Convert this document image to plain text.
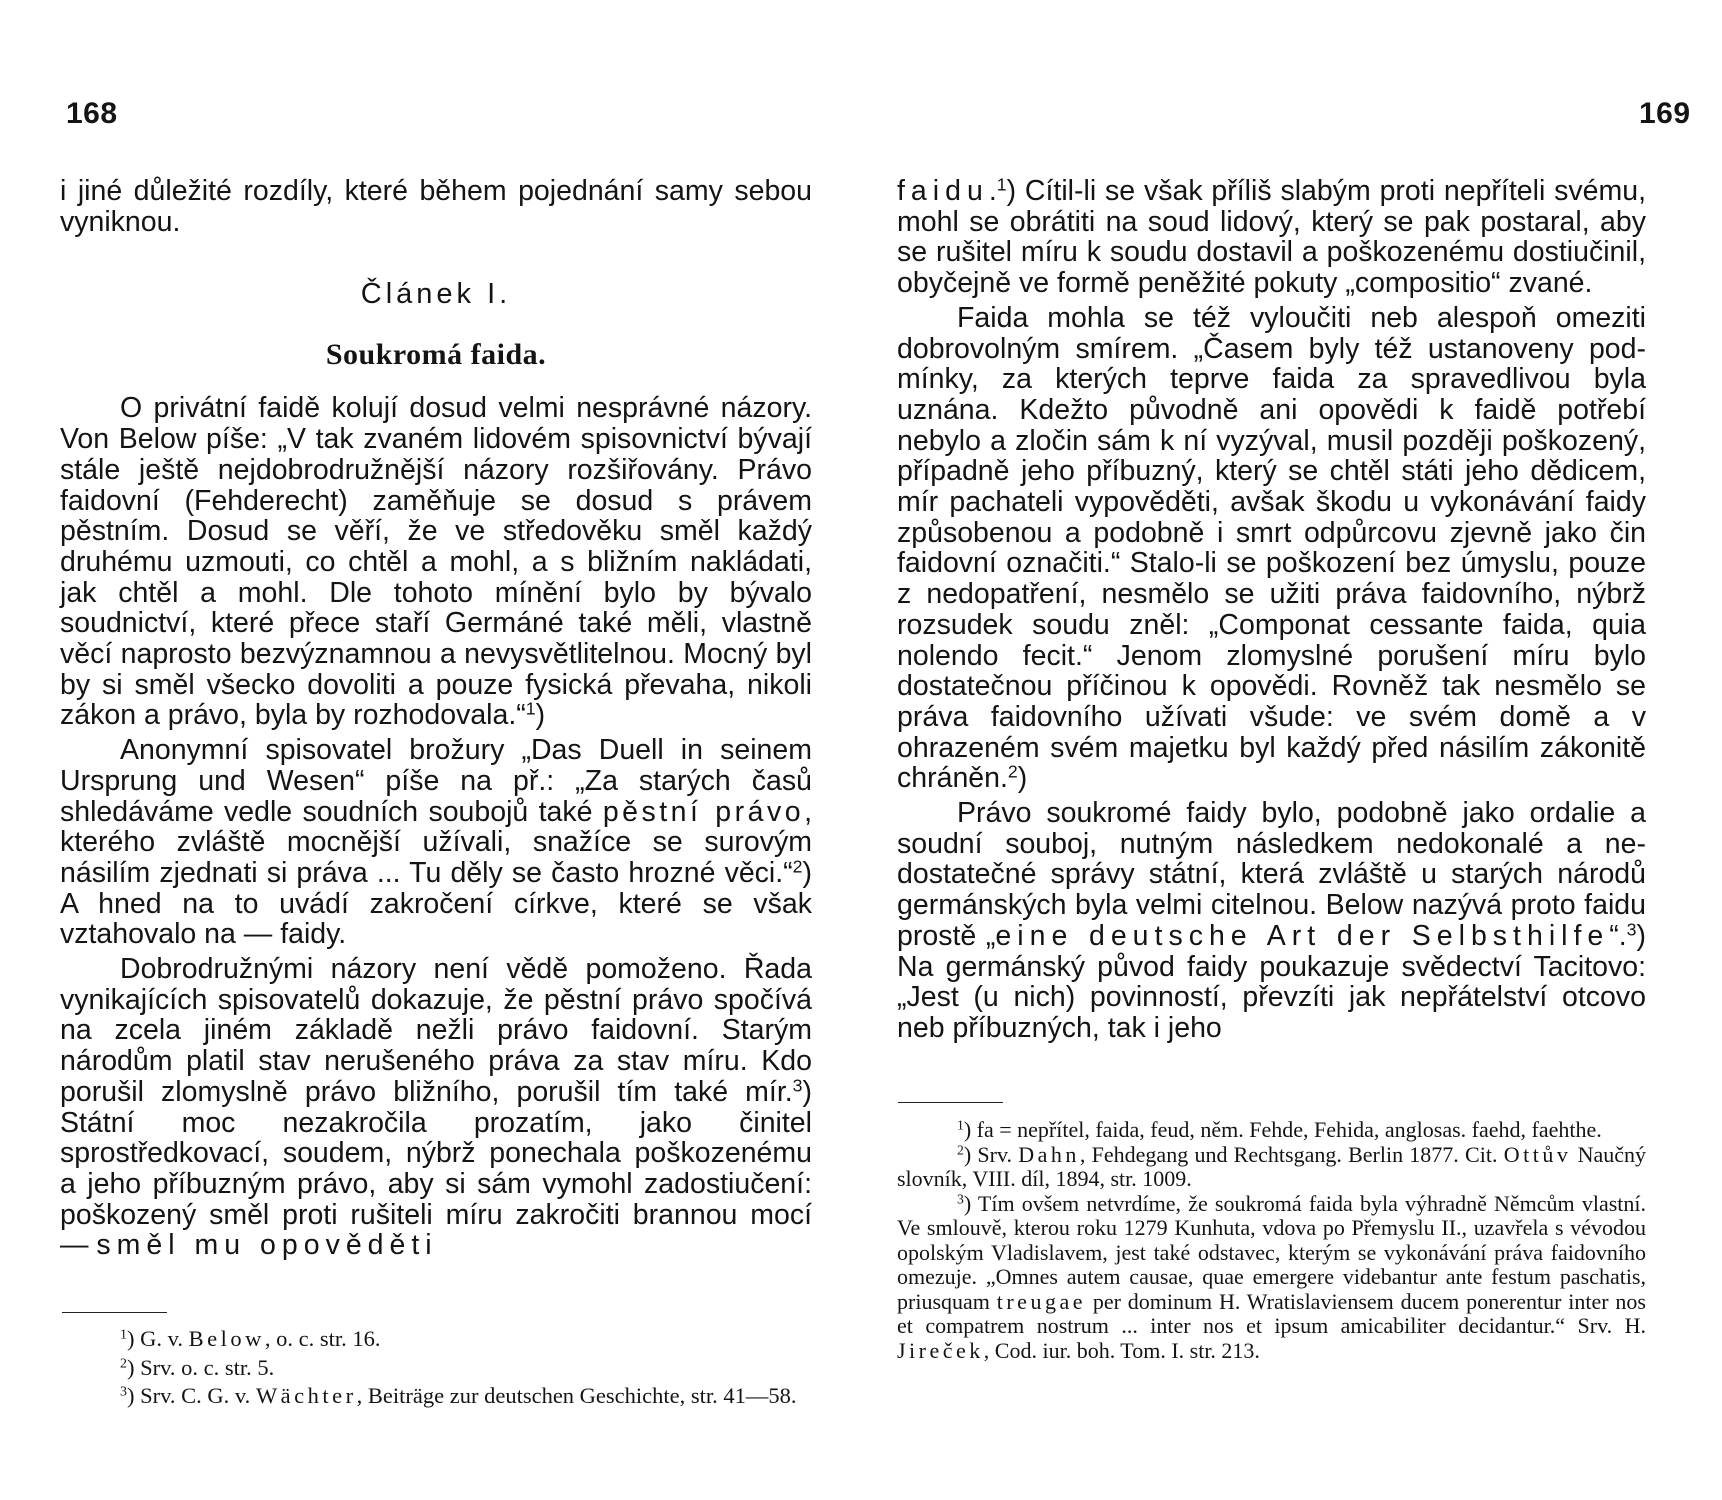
168

i jiné důležité rozdíly, které během pojednání samy sebou vyniknou.

Článek I.
Soukromá faida.

O privátní faidě kolují dosud velmi nesprávné názory. Von Below píše: „V tak zvaném lidovém spisovnictví bývají stále ještě nejdobrodružnější názory rozšiřovány. Právo faidovní (Fehderecht) zaměňuje se dosud s právem pěstním. Dosud se věří, že ve středověku směl každý druhému uzmouti, co chtěl a mohl, a s bližním nakládati, jak chtěl a mohl. Dle tohoto mínění bylo by bývalo soudnictví, které přece staří Germáné také měli, vlastně věcí naprosto bezvýznamnou a nevysvětlitelnou. Mocný byl by si směl všecko dovoliti a pouze fysická převaha, nikoli zákon a právo, byla by rozhodovala.“$^1$)

Anonymní spisovatel brožury „Das Duell in seinem Ursprung und Wesen“ píše na př.: „Za starých časů shledáváme vedle soudních soubojů také pěstní právo, kterého zvláště mocnější užívali, snažíce se surovým násilím zjednati si práva ... Tu děly se často hrozné věci.“$^2$) A hned na to uvádí zakročení církve, které se však vztahovalo na — faidy.

Dobrodružnými názory není vědě pomoženo. Řada vynikajících spisovatelů dokazuje, že pěstní právo spočívá na zcela jiném základě nežli právo faidovní. Starým národům platil stav nerušeného práva za stav míru. Kdo porušil zlomyslně právo bližního, porušil tím také mír.$^3$) Státní moc nezakročila prozatím, jako činitel sprostředkovací, soudem, nýbrž ponechala poškozenému a jeho příbuzným právo, aby si sám vymohl zadostiučení: poškozený směl proti rušiteli míru zakročiti brannou mocí — směl mu opověděti

$^1$) G. v. Below, o. c. str. 16.

$^2$) Srv. o. c. str. 5.

$^3$) Srv. C. G. v. Wächter, Beiträge zur deutschen Geschichte, str. 41—58.

169

faidu.$^1$) Cítil-li se však příliš slabým proti nepříteli svému, mohl se obrátiti na soud lidový, který se pak postaral, aby se rušitel míru k soudu dostavil a poškozenému dostiučinil, obyčejně ve formě peněžité pokuty „compositio“ zvané.

Faida mohla se též vyloučiti neb alespoň omeziti dobrovolným smírem. „Časem byly též ustanoveny podmínky, za kterých teprve faida za spravedlivou byla uznána. Kdežto původně ani opovědi k faidě potřebí nebylo a zločin sám k ní vyzýval, musil později poškozený, případně jeho příbuzný, který se chtěl státi jeho dědicem, mír pachateli vypověděti, avšak škodu u vykonávání faidy způsobenou a podobně i smrt odpůrcovu zjevně jako čin faidovní označiti.“ Stalo-li se poškození bez úmyslu, pouze z nedopatření, nesmělo se užiti práva faidovního, nýbrž rozsudek soudu zněl: „Componat cessante faida, quia nolendo fecit.“ Jenom zlomyslné porušení míru bylo dostatečnou příčinou k opovědi. Rovněž tak nesmělo se práva faidovního užívati všude: ve svém domě a v ohrazeném svém majetku byl každý před násilím zákonitě chráněn.$^2$)

Právo soukromé faidy bylo, podobně jako ordalie a soudní souboj, nutným následkem nedokonalé a nedostatečné správy státní, která zvláště u starých národů germánských byla velmi citelnou. Below nazývá proto faidu prostě „eine deutsche Art der Selbsthilfe“.$^3$) Na germánský původ faidy poukazuje svědectví Tacitovo: „Jest (u nich) povinností, převzíti jak nepřátelství otcovo neb příbuzných, tak i jeho

$^1$) fa = nepřítel, faida, feud, něm. Fehde, Fehida, anglosas. faehd, faehthe.

$^2$) Srv. Dahn, Fehdegang und Rechtsgang. Berlin 1877. Cit. Ottův Naučný slovník, VIII. díl, 1894, str. 1009.

$^3$) Tím ovšem netvrdíme, že soukromá faida byla výhradně Němcům vlastní. Ve smlouvě, kterou roku 1279 Kunhuta, vdova po Přemyslu II., uzavřela s vévodou opolským Vladislavem, jest také odstavec, kterým se vykonávání práva faidovního omezuje. „Omnes autem causae, quae emergere videbantur ante festum paschatis, priusquam treugae per dominum H. Wratislaviensem ducem ponerentur inter nos et compatrem nostrum ... inter nos et ipsum amicabiliter decidantur.“ Srv. H. Jireček, Cod. iur. boh. Tom. I. str. 213.
